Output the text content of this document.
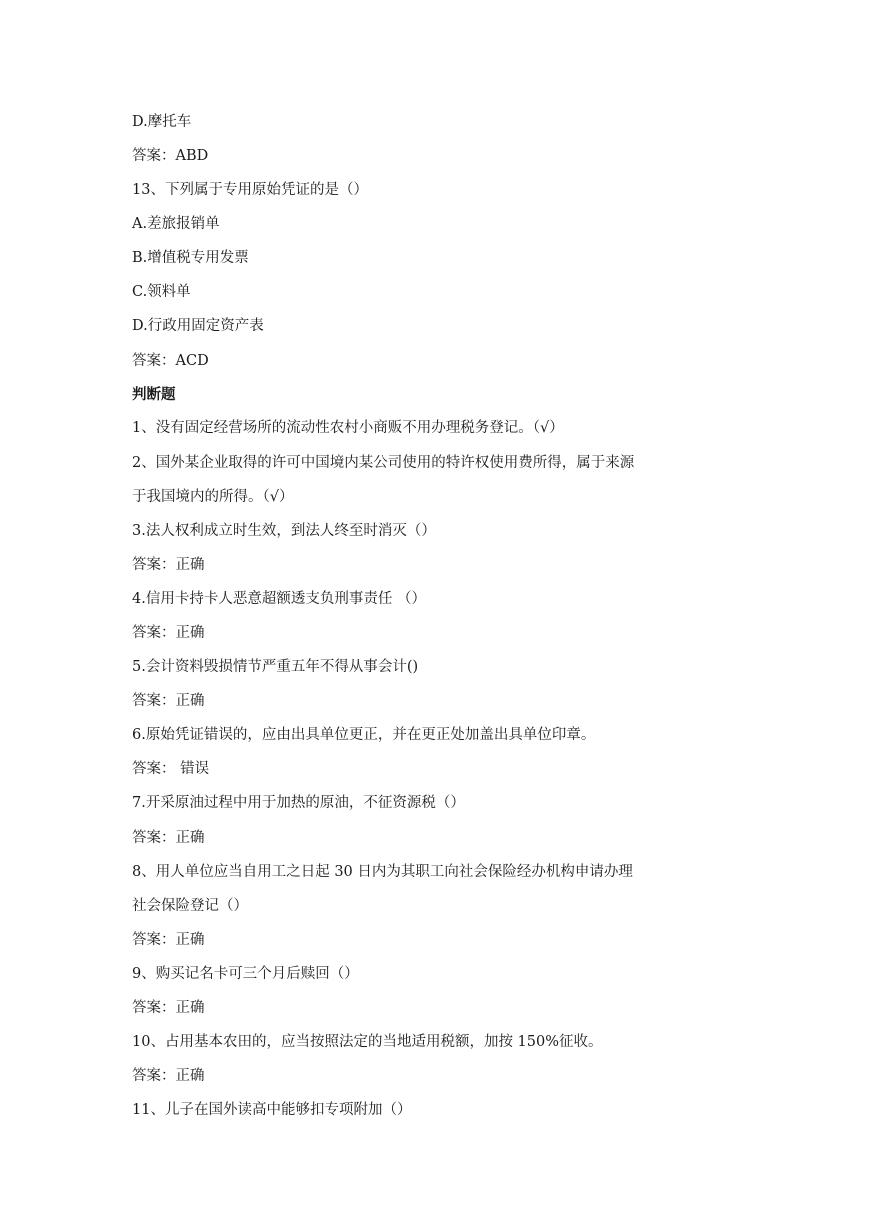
D.摩托车
答案：ABD
13、下列属于专用原始凭证的是（）
A.差旅报销单
B.增值税专用发票
C.领料单
D.行政用固定资产表
答案：ACD
判断题
1、没有固定经营场所的流动性农村小商贩不用办理税务登记。（√）
2、国外某企业取得的许可中国境内某公司使用的特许权使用费所得，属于来源
于我国境内的所得。（√）
3.法人权利成立时生效，到法人终至时消灭（）
答案：正确
4.信用卡持卡人恶意超额透支负刑事责任 （）
答案：正确
5.会计资料毁损情节严重五年不得从事会计()
答案：正确
6.原始凭证错误的，应由出具单位更正，并在更正处加盖出具单位印章。
答案： 错误
7.开采原油过程中用于加热的原油，不征资源税（）
答案：正确
8、用人单位应当自用工之日起 30 日内为其职工向社会保险经办机构申请办理
社会保险登记（）
答案：正确
9、购买记名卡可三个月后赎回（）
答案：正确
10、占用基本农田的，应当按照法定的当地适用税额，加按 150%征收。
答案：正确
11、儿子在国外读高中能够扣专项附加（）
